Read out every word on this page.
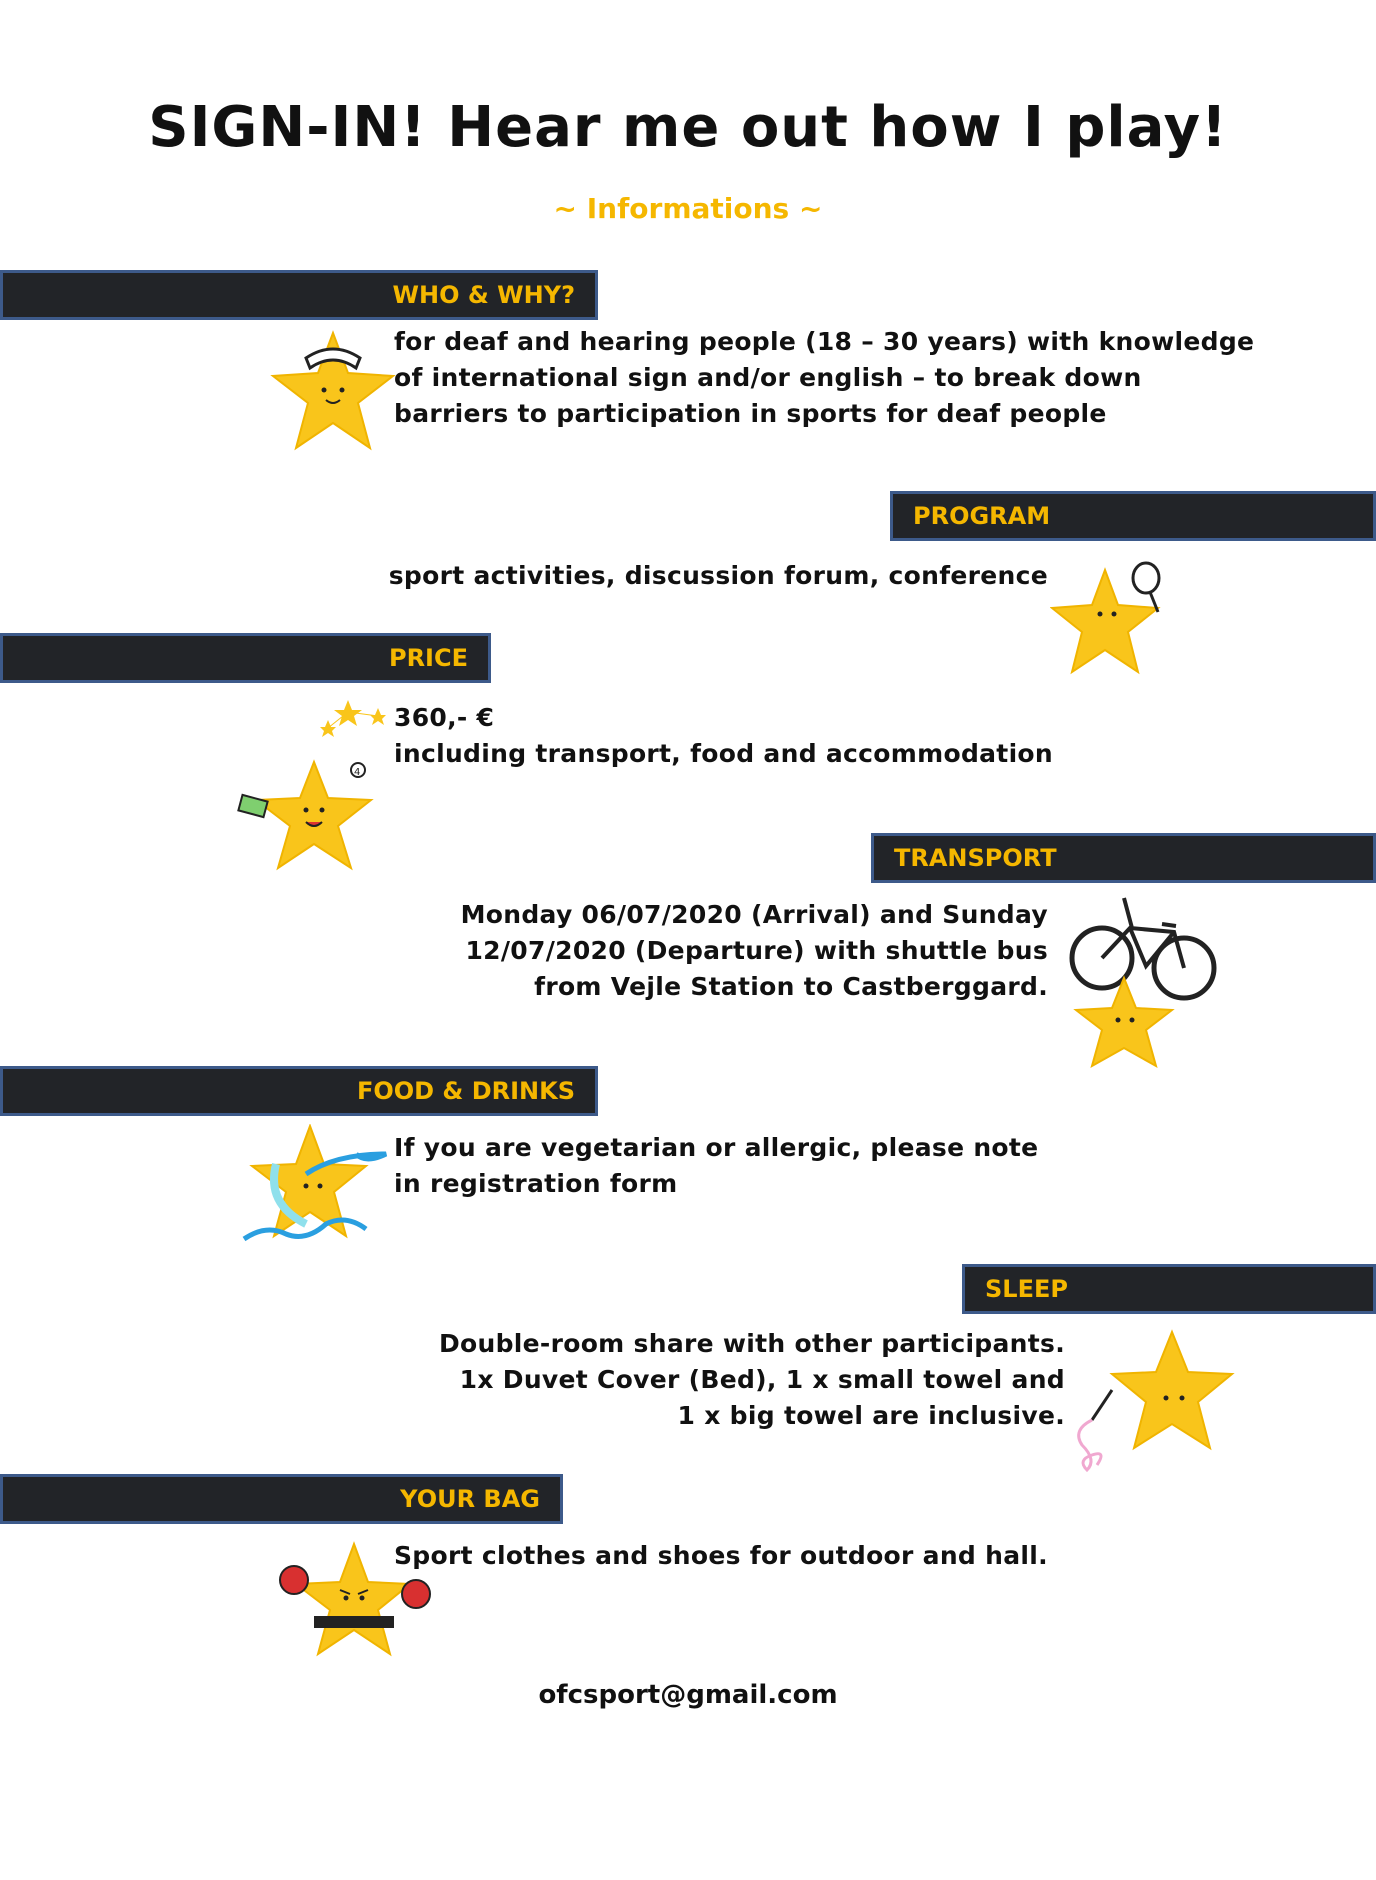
SIGN-IN! Hear me out how I play!
~ Informations ~
WHO & WHY?
for deaf and hearing people (18 – 30 years) with knowledge
of international sign and/or english – to break down
barriers to participation in sports for deaf people
PROGRAM
sport activities, discussion forum, conference
PRICE
4
360,- €
including transport, food and accommodation
TRANSPORT
Monday 06/07/2020 (Arrival) and Sunday
12/07/2020 (Departure) with shuttle bus
from Vejle Station to Castberggard.
FOOD & DRINKS
If you are vegetarian or allergic, please note
in registration form
SLEEP
Double-room share with other participants.
1x Duvet Cover (Bed), 1 x small towel and
1 x big towel are inclusive.
YOUR BAG
Sport clothes and shoes for outdoor and hall.
ofcsport@gmail.com
